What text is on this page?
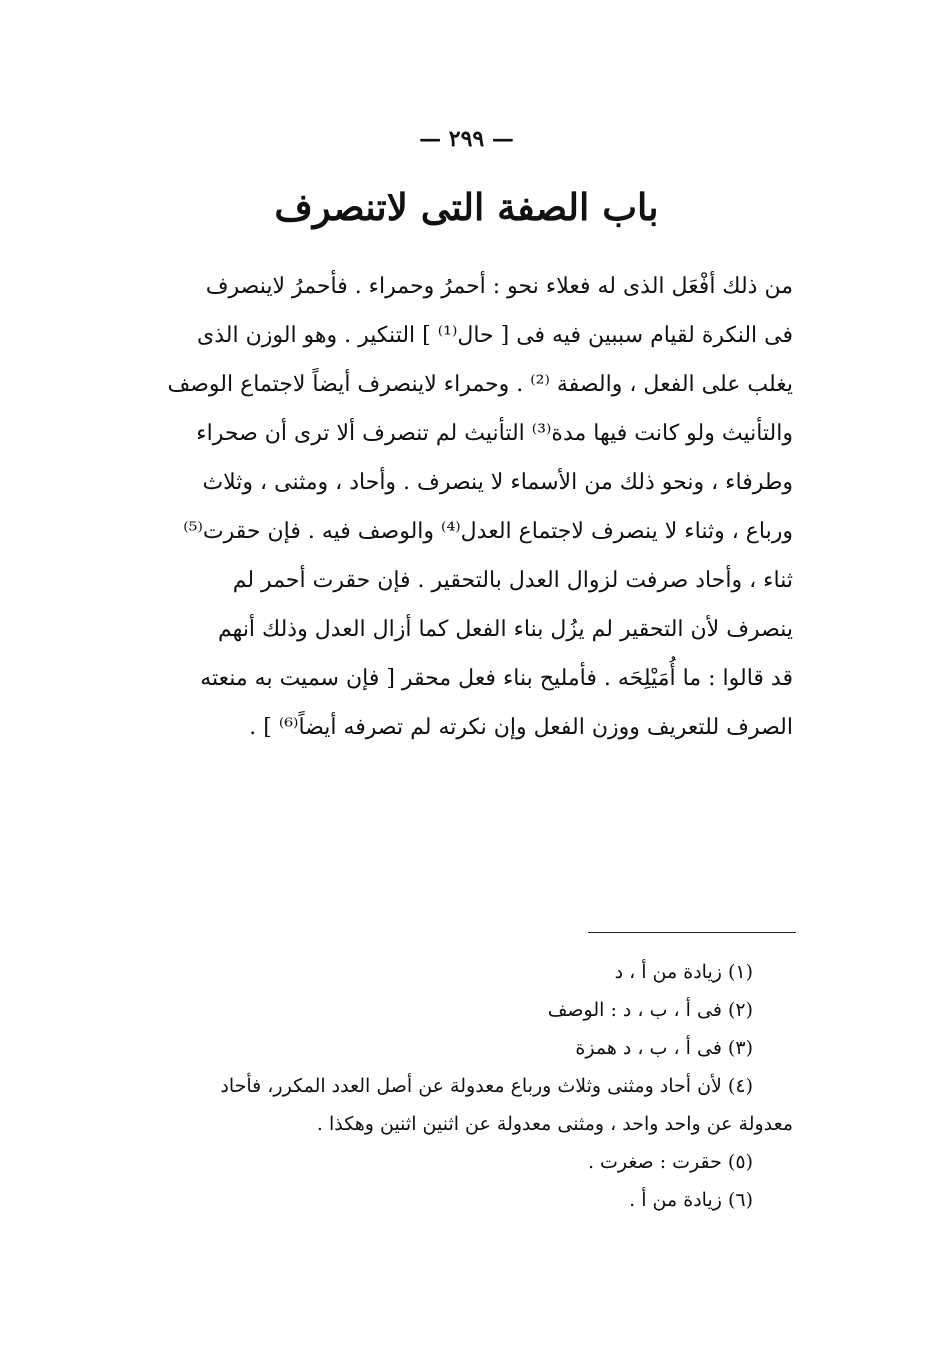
— ٢٩٩ —
باب الصفة التى لاتنصرف
من ذلك أفْعَل الذى له فعلاء نحو : أحمرُ وحمراء . فأحمرُ لاينصرف
فى النكرة لقيام سببين فيه فى [ حال⁽¹⁾ ] التنكير . وهو الوزن الذى
يغلب على الفعل ، والصفة ⁽²⁾ . وحمراء لاينصرف أيضاً لاجتماع الوصف
والتأنيث ولو كانت فيها مدة⁽³⁾ التأنيث لم تنصرف ألا ترى أن صحراء
وطرفاء ، ونحو ذلك من الأسماء لا ينصرف . وأحاد ، ومثنى ، وثلاث
ورباع ، وثناء لا ينصرف لاجتماع العدل⁽⁴⁾ والوصف فيه . فإن حقرت⁽⁵⁾
ثناء ، وأحاد صرفت لزوال العدل بالتحقير . فإن حقرت أحمر لم
ينصرف لأن التحقير لم يزُل بناء الفعل كما أزال العدل وذلك أنهم
قد قالوا : ما أُمَيْلِحَه . فأمليح بناء فعل محقر [ فإن سميت به منعته
الصرف للتعريف ووزن الفعل وإن نكرته لم تصرفه أيضاً⁽⁶⁾ ] .
(١) زيادة من أ ، د
(٢) فى أ ، ب ، د : الوصف
(٣) فى أ ، ب ، د همزة
(٤) لأن أحاد ومثنى وثلاث ورباع معدولة عن أصل العدد المكرر، فأحاد
معدولة عن واحد واحد ، ومثنى معدولة عن اثنين اثنين وهكذا .
(٥) حقرت : صغرت .
(٦) زيادة من أ .
